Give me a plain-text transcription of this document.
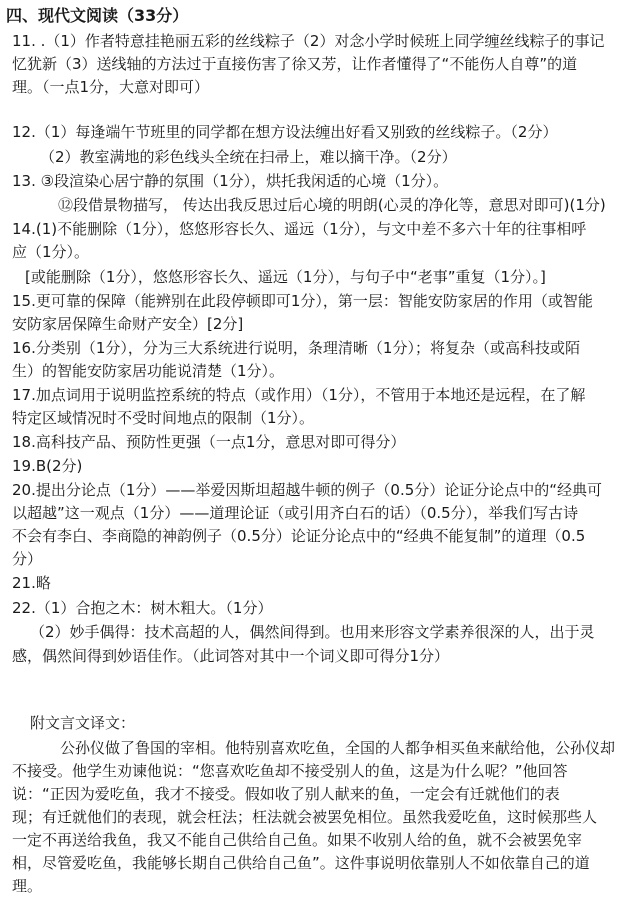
四、现代文阅读（33分）
11. .（1）作者特意挂艳丽五彩的丝线粽子（2）对念小学时候班上同学缠丝线粽子的事记
忆犹新（3）送线轴的方法过于直接伤害了徐又芳，让作者懂得了“不能伤人自尊”的道
理。（一点1分，大意对即可）
12.（1）每逢端午节班里的同学都在想方设法缠出好看又别致的丝线粽子。（2分）
（2）教室满地的彩色线头全统在扫帚上，难以摘干净。（2分）
13. ③段渲染心居宁静的氛围（1分），烘托我闲适的心境（1分）。
⑫段借景物描写， 传达出我反思过后心境的明朗(心灵的净化等，意思对即可)(1分)
14.(1)不能删除（1分），悠悠形容长久、遥远（1分），与文中差不多六十年的往事相呼
应（1分）。
[或能删除（1分），悠悠形容长久、遥远（1分），与句子中“老事”重复（1分）。]
15.更可靠的保障（能辨别在此段停顿即可1分），第一层：智能安防家居的作用（或智能
安防家居保障生命财产安全）[2分]
16.分类别（1分），分为三大系统进行说明，条理清晰（1分）；将复杂（或高科技或陌
生）的智能安防家居功能说清楚（1分）。
17.加点词用于说明监控系统的特点（或作用）（1分），不管用于本地还是远程，在了解
特定区域情况时不受时间地点的限制（1分）。
18.高科技产品、预防性更强（一点1分，意思对即可得分）
19.B(2分)
20.提出分论点（1分）——举爱因斯坦超越牛顿的例子（0.5分）论证分论点中的“经典可
以超越”这一观点（1分）——道理论证（或引用齐白石的话）（0.5分），举我们写古诗
不会有李白、李商隐的神韵例子（0.5分）论证分论点中的“经典不能复制”的道理（0.5
分）
21.略
22.（1）合抱之木：树木粗大。（1分）
（2）妙手偶得：技术高超的人，偶然间得到。也用来形容文学素养很深的人，出于灵
感，偶然间得到妙语佳作。（此词答对其中一个词义即可得分1分）
附文言文译文：
公孙仪做了鲁国的宰相。他特别喜欢吃鱼，全国的人都争相买鱼来献给他，公孙仪却
不接受。他学生劝谏他说：“您喜欢吃鱼却不接受别人的鱼，这是为什么呢？”他回答
说：“正因为爱吃鱼，我才不接受。假如收了别人献来的鱼，一定会有迁就他们的表
现；有迁就他们的表现，就会枉法；枉法就会被罢免相位。虽然我爱吃鱼，这时候那些人
一定不再送给我鱼，我又不能自己供给自己鱼。如果不收别人给的鱼，就不会被罢免宰
相，尽管爱吃鱼，我能够长期自己供给自己鱼”。这件事说明依靠别人不如依靠自己的道
理。
